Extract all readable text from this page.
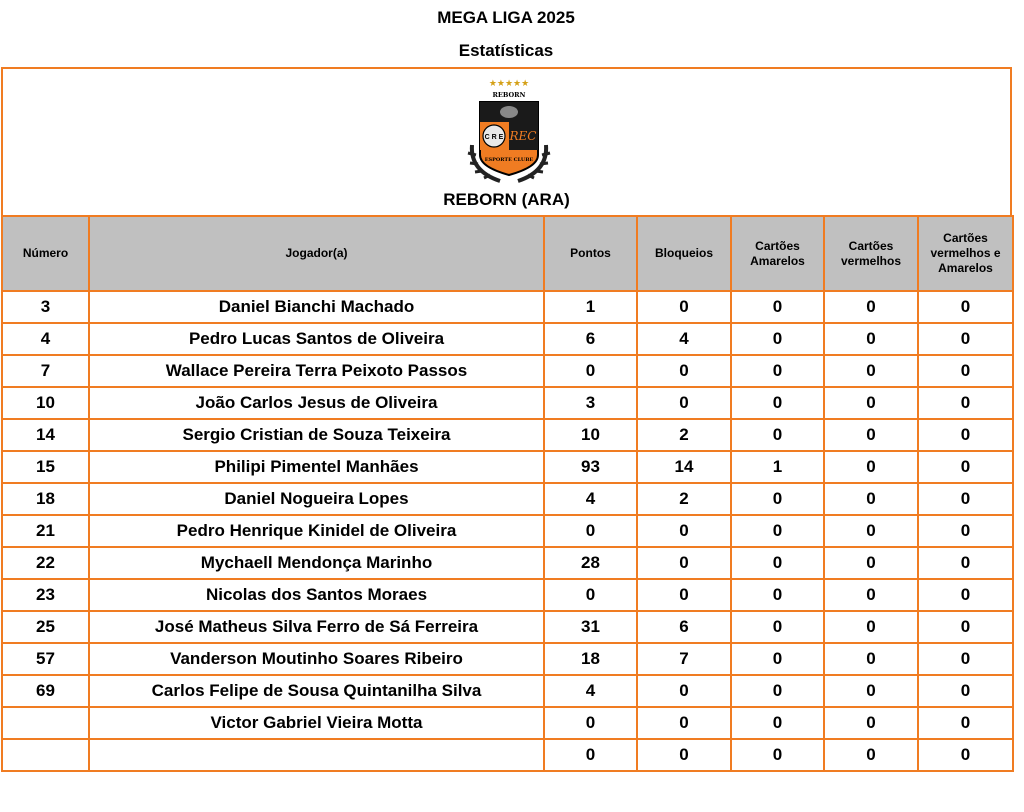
MEGA LIGA 2025
Estatísticas
★★★★★
REBORN
C R E REC
ESPORTE CLUBE
REBORN (ARA)
Número	Jogador(a)	Pontos	Bloqueios	Cartões Amarelos	Cartões vermelhos	Cartões vermelhos e Amarelos
3	Daniel Bianchi Machado	1	0	0	0	0
4	Pedro Lucas Santos de Oliveira	6	4	0	0	0
7	Wallace Pereira Terra Peixoto Passos	0	0	0	0	0
10	João Carlos Jesus de Oliveira	3	0	0	0	0
14	Sergio Cristian de Souza Teixeira	10	2	0	0	0
15	Philipi Pimentel Manhães	93	14	1	0	0
18	Daniel Nogueira Lopes	4	2	0	0	0
21	Pedro Henrique Kinidel de Oliveira	0	0	0	0	0
22	Mychaell Mendonça Marinho	28	0	0	0	0
23	Nicolas dos Santos Moraes	0	0	0	0	0
25	José Matheus Silva Ferro de Sá Ferreira	31	6	0	0	0
57	Vanderson Moutinho Soares Ribeiro	18	7	0	0	0
69	Carlos Felipe de Sousa Quintanilha Silva	4	0	0	0	0
	Victor Gabriel Vieira Motta	0	0	0	0	0
		0	0	0	0	0
